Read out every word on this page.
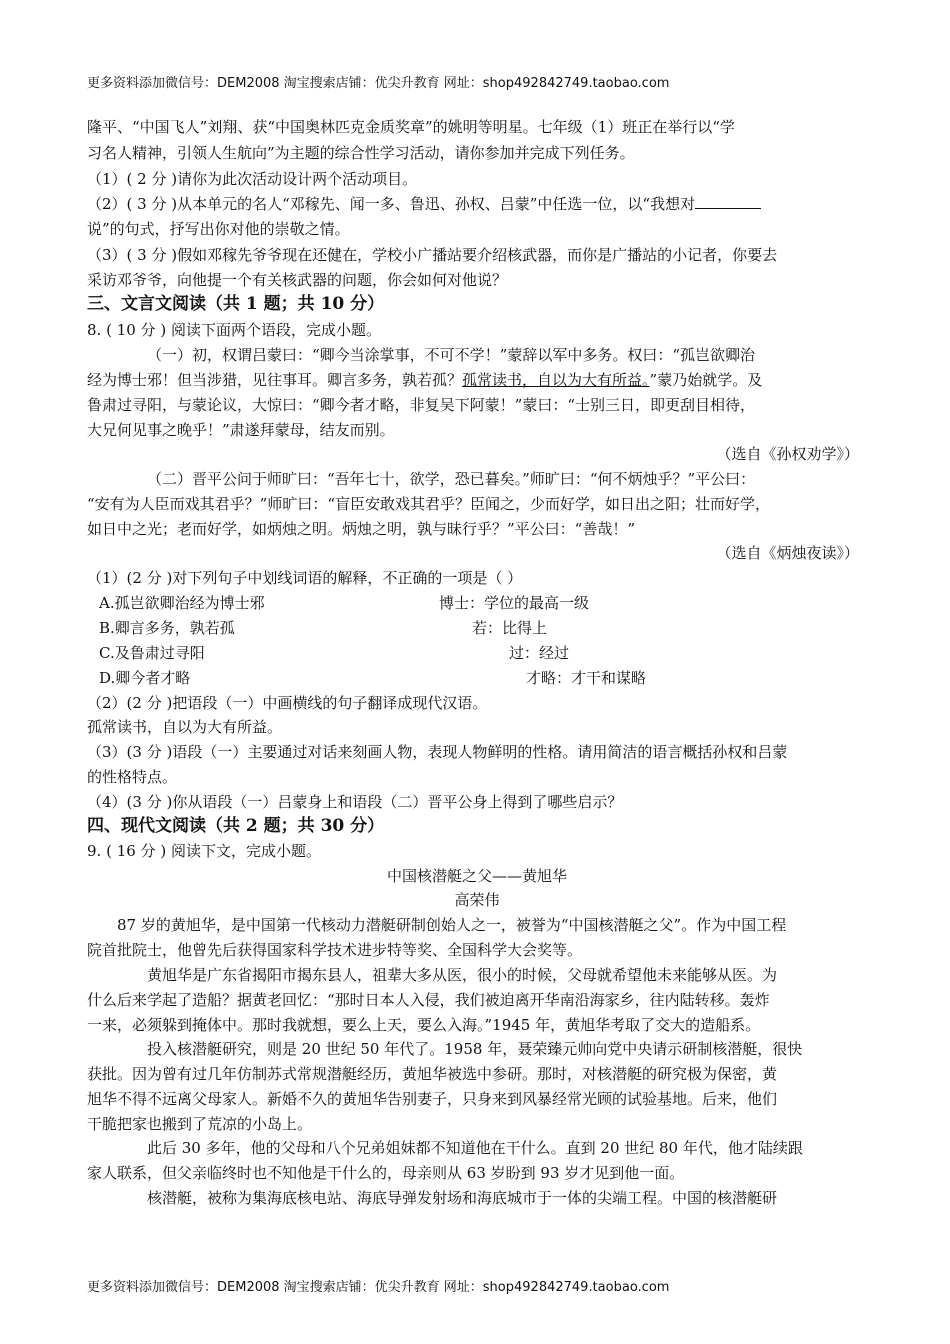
更多资料添加微信号：DEM2008 淘宝搜索店铺：优尖升教育 网址：shop492842749.taobao.com
隆平、“中国飞人”刘翔、获“中国奥林匹克金质奖章”的姚明等明星。七年级（1）班正在举行以“学
习名人精神，引领人生航向”为主题的综合性学习活动，请你参加并完成下列任务。
（1）( 2 分 )请你为此次活动设计两个活动项目。
（2）( 3 分 )从本单元的名人“邓稼先、闻一多、鲁迅、孙权、吕蒙”中任选一位，以“我想对
说”的句式，抒写出你对他的崇敬之情。
（3）( 3 分 )假如邓稼先爷爷现在还健在，学校小广播站要介绍核武器，而你是广播站的小记者，你要去
采访邓爷爷，向他提一个有关核武器的问题，你会如何对他说？
三、文言文阅读（共 1 题；共 10 分）
8. ( 10 分 ) 阅读下面两个语段，完成小题。
（一）初，权谓吕蒙曰：“卿今当涂掌事，不可不学！”蒙辞以军中多务。权曰：“孤岂欲卿治
经为博士邪！但当涉猎，见往事耳。卿言多务，孰若孤？孤常读书，自以为大有所益。”蒙乃始就学。及
鲁肃过寻阳，与蒙论议，大惊曰：“卿今者才略，非复吴下阿蒙！”蒙曰：“士别三日，即更刮目相待，
大兄何见事之晚乎！”肃遂拜蒙母，结友而别。
（选自《孙权劝学》）
（二）晋平公问于师旷曰：“吾年七十，欲学，恐已暮矣。”师旷曰：“何不炳烛乎？”平公曰：
“安有为人臣而戏其君乎？”师旷曰：“盲臣安敢戏其君乎？臣闻之，少而好学，如日出之阳；壮而好学，
如日中之光；老而好学，如炳烛之明。炳烛之明，孰与昧行乎？”平公曰：“善哉！”
（选自《炳烛夜读》）
（1）(2 分 )对下列句子中划线词语的解释，不正确的一项是（ ）
A.孤岂欲卿治经为博士邪	博士：学位的最高一级
B.卿言多务，孰若孤	若：比得上
C.及鲁肃过寻阳	过：经过
D.卿今者才略	才略：才干和谋略
（2）(2 分 )把语段（一）中画横线的句子翻译成现代汉语。
孤常读书，自以为大有所益。
（3）(3 分 )语段（一）主要通过对话来刻画人物，表现人物鲜明的性格。请用简洁的语言概括孙权和吕蒙
的性格特点。
（4）(3 分 )你从语段（一）吕蒙身上和语段（二）晋平公身上得到了哪些启示？
四、现代文阅读（共 2 题；共 30 分）
9. ( 16 分 ) 阅读下文，完成小题。
中国核潜艇之父——黄旭华
高荣伟
87 岁的黄旭华，是中国第一代核动力潜艇研制创始人之一，被誉为“中国核潜艇之父”。作为中国工程
院首批院士，他曾先后获得国家科学技术进步特等奖、全国科学大会奖等。
黄旭华是广东省揭阳市揭东县人，祖辈大多从医，很小的时候，父母就希望他未来能够从医。为
什么后来学起了造船？据黄老回忆：“那时日本人入侵，我们被迫离开华南沿海家乡，往内陆转移。轰炸
一来，必须躲到掩体中。那时我就想，要么上天，要么入海。”1945 年，黄旭华考取了交大的造船系。
投入核潜艇研究，则是 20 世纪 50 年代了。1958 年，聂荣臻元帅向党中央请示研制核潜艇，很快
获批。因为曾有过几年仿制苏式常规潜艇经历，黄旭华被选中参研。那时，对核潜艇的研究极为保密，黄
旭华不得不远离父母家人。新婚不久的黄旭华告别妻子，只身来到风暴经常光顾的试验基地。后来，他们
干脆把家也搬到了荒凉的小岛上。
此后 30 多年，他的父母和八个兄弟姐妹都不知道他在干什么。直到 20 世纪 80 年代，他才陆续跟
家人联系，但父亲临终时也不知他是干什么的，母亲则从 63 岁盼到 93 岁才见到他一面。
核潜艇，被称为集海底核电站、海底导弹发射场和海底城市于一体的尖端工程。中国的核潜艇研
更多资料添加微信号：DEM2008 淘宝搜索店铺：优尖升教育 网址：shop492842749.taobao.com
